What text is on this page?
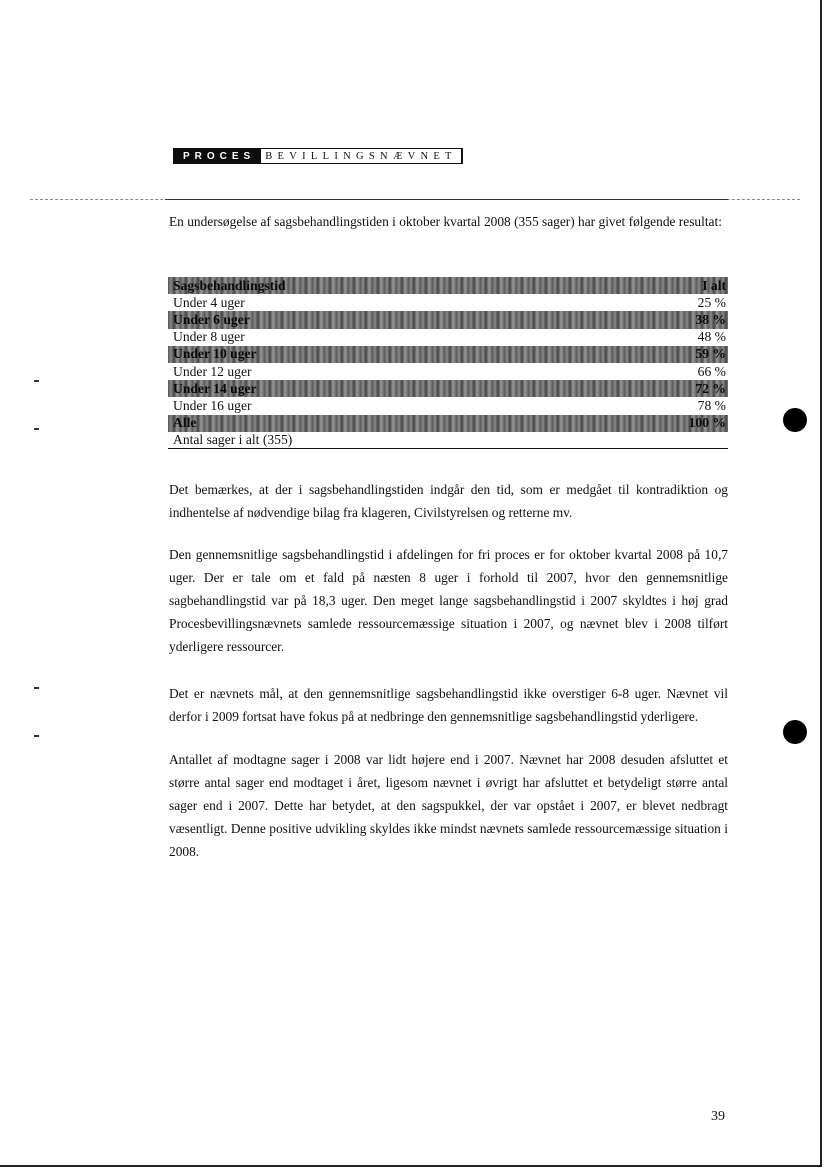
PROCES BEVILLINGSNÆVNET

En undersøgelse af sagsbehandlingstiden i oktober kvartal 2008 (355 sager) har givet følgende resultat:

Sagsbehandlingstid	I alt
Under 4 uger	25 %
Under 6 uger	38 %
Under 8 uger	48 %
Under 10 uger	59 %
Under 12 uger	66 %
Under 14 uger	72 %
Under 16 uger	78 %
Alle	100 %
Antal sager i alt (355)

Det bemærkes, at der i sagsbehandlingstiden indgår den tid, som er medgået til kontradiktion og indhentelse af nødvendige bilag fra klageren, Civilstyrelsen og retterne mv.

Den gennemsnitlige sagsbehandlingstid i afdelingen for fri proces er for oktober kvartal 2008 på 10,7 uger. Der er tale om et fald på næsten 8 uger i forhold til 2007, hvor den gennemsnitlige sagbehandlingstid var på 18,3 uger. Den meget lange sagsbehandlingstid i 2007 skyldtes i høj grad Procesbevillingsnævnets samlede ressourcemæssige situation i 2007, og nævnet blev i 2008 tilført yderligere ressourcer.

Det er nævnets mål, at den gennemsnitlige sagsbehandlingstid ikke overstiger 6-8 uger. Nævnet vil derfor i 2009 fortsat have fokus på at nedbringe den gennemsnitlige sagsbehandlingstid yderligere.

Antallet af modtagne sager i 2008 var lidt højere end i 2007. Nævnet har 2008 desuden afsluttet et større antal sager end modtaget i året, ligesom nævnet i øvrigt har afsluttet et betydeligt større antal sager end i 2007. Dette har betydet, at den sagspukkel, der var opstået i 2007, er blevet nedbragt væsentligt. Denne positive udvikling skyldes ikke mindst nævnets samlede ressourcemæssige situation i 2008.

39
